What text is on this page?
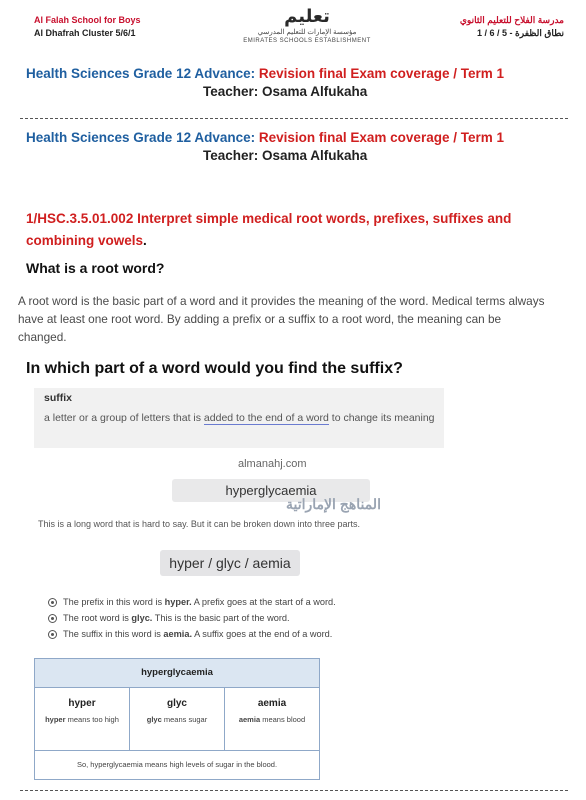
Al Falah School for Boys
Al Dhafrah Cluster 5/6/1
تعليم
مؤسسة الإمارات للتعليم المدرسي
EMIRATES SCHOOLS ESTABLISHMENT
مدرسة الفلاح للتعليم الثانوي
نطاق الظفرة - 5 / 6 / 1
Health Sciences Grade 12 Advance: Revision final Exam coverage / Term 1
Teacher: Osama Alfukaha
Health Sciences Grade 12 Advance: Revision final Exam coverage / Term 1
Teacher: Osama Alfukaha
1/HSC.3.5.01.002 Interpret simple medical root words, prefixes, suffixes and combining vowels.
What is a root word?
A root word is the basic part of a word and it provides the meaning of the word. Medical terms always have at least one root word. By adding a prefix or a suffix to a root word, the meaning can be changed.
In which part of a word would you find the suffix?
suffix
a letter or a group of letters that is added to the end of a word to change its meaning
almanahj.com
hyperglycaemia
المناهج الإماراتية
This is a long word that is hard to say. But it can be broken down into three parts.
hyper / glyc / aemia
The prefix in this word is hyper. A prefix goes at the start of a word.
The root word is glyc. This is the basic part of the word.
The suffix in this word is aemia. A suffix goes at the end of a word.
hyperglycaemia
hyper
hyper means too high
glyc
glyc means sugar
aemia
aemia means blood
So, hyperglycaemia means high levels of sugar in the blood.
